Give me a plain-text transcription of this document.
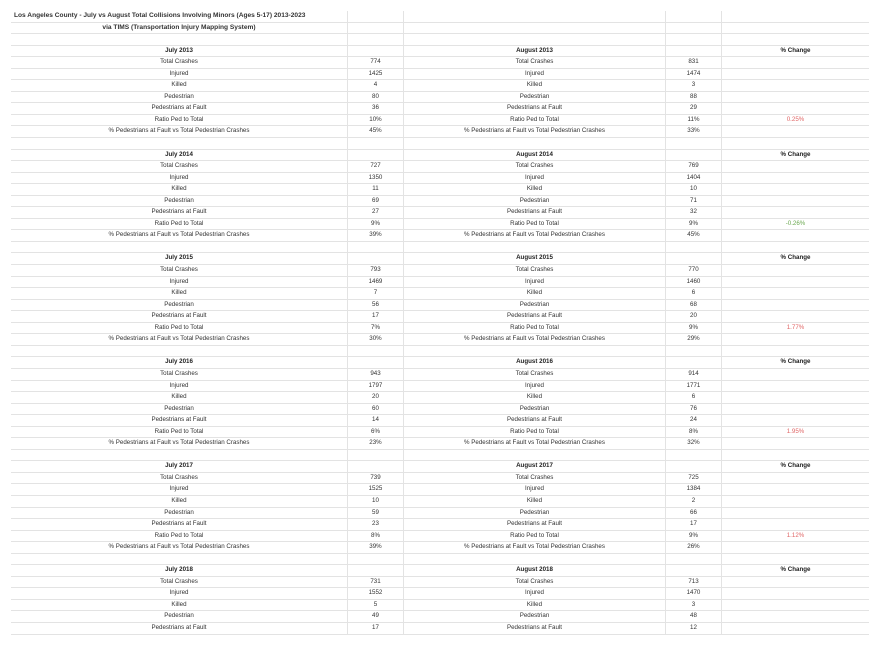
Los Angeles County - July vs August Total Collisions Involving Minors (Ages 5-17) 2013-2023
via TIMS (Transportation Injury Mapping System)
July 2013	August 2013	% Change
Total Crashes	774	Total Crashes	831
Injured	1425	Injured	1474
Killed	4	Killed	3
Pedestrian	80	Pedestrian	88
Pedestrians at Fault	36	Pedestrians at Fault	29
Ratio Ped to Total	10%	Ratio Ped to Total	11%	0.25%
% Pedestrians at Fault vs Total Pedestrian Crashes	45%	% Pedestrians at Fault vs Total Pedestrian Crashes	33%
July 2014	August 2014	% Change
Total Crashes	727	Total Crashes	769
Injured	1350	Injured	1404
Killed	11	Killed	10
Pedestrian	69	Pedestrian	71
Pedestrians at Fault	27	Pedestrians at Fault	32
Ratio Ped to Total	9%	Ratio Ped to Total	9%	-0.26%
% Pedestrians at Fault vs Total Pedestrian Crashes	39%	% Pedestrians at Fault vs Total Pedestrian Crashes	45%
July 2015	August 2015	% Change
Total Crashes	793	Total Crashes	770
Injured	1469	Injured	1460
Killed	7	Killed	6
Pedestrian	56	Pedestrian	68
Pedestrians at Fault	17	Pedestrians at Fault	20
Ratio Ped to Total	7%	Ratio Ped to Total	9%	1.77%
% Pedestrians at Fault vs Total Pedestrian Crashes	30%	% Pedestrians at Fault vs Total Pedestrian Crashes	29%
July 2016	August 2016	% Change
Total Crashes	943	Total Crashes	914
Injured	1797	Injured	1771
Killed	20	Killed	6
Pedestrian	60	Pedestrian	76
Pedestrians at Fault	14	Pedestrians at Fault	24
Ratio Ped to Total	6%	Ratio Ped to Total	8%	1.95%
% Pedestrians at Fault vs Total Pedestrian Crashes	23%	% Pedestrians at Fault vs Total Pedestrian Crashes	32%
July 2017	August 2017	% Change
Total Crashes	739	Total Crashes	725
Injured	1525	Injured	1384
Killed	10	Killed	2
Pedestrian	59	Pedestrian	66
Pedestrians at Fault	23	Pedestrians at Fault	17
Ratio Ped to Total	8%	Ratio Ped to Total	9%	1.12%
% Pedestrians at Fault vs Total Pedestrian Crashes	39%	% Pedestrians at Fault vs Total Pedestrian Crashes	26%
July 2018	August 2018	% Change
Total Crashes	731	Total Crashes	713
Injured	1552	Injured	1470
Killed	5	Killed	3
Pedestrian	49	Pedestrian	48
Pedestrians at Fault	17	Pedestrians at Fault	12
